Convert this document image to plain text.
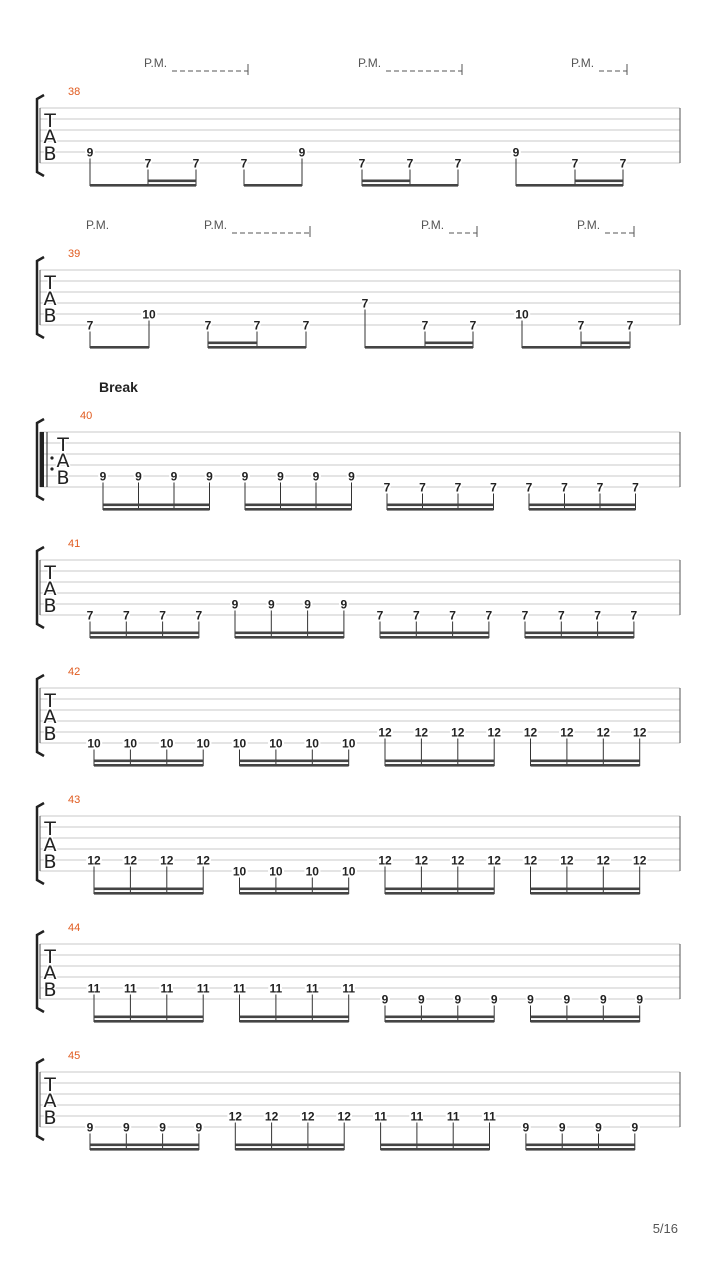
38
T
A
B	9
7	7	7
9
7	7	7
9
7	7
P.M.	P.M.	P.M.
39
T
A
B	7
10
7	7	7
7
7	7
10
7	7
P.M.	P.M.	P.M.	P.M.
40
Break
T
A
B	9 9 9 9 9 9 9 9
7 7 7 7 7 7 7 7
41
T
A
B	7 7 7 7
9 9 9 9
7 7 7 7 7 7 7 7
42
T
A
B	10 10 10 10 10 10 10 10
12 12 12 12 12 12 12 12
43
T
A
B	12 12 12 12
10 10 10 10
12 12 12 12 12 12 12 12
44
T
A
B	11 11 11 11 11 11 11 11
9 9 9 9 9 9 9 9
45
T
A
B	9 9 9 9
12 12 12 12 11 11 11 11
9 9 9 9
5/16
